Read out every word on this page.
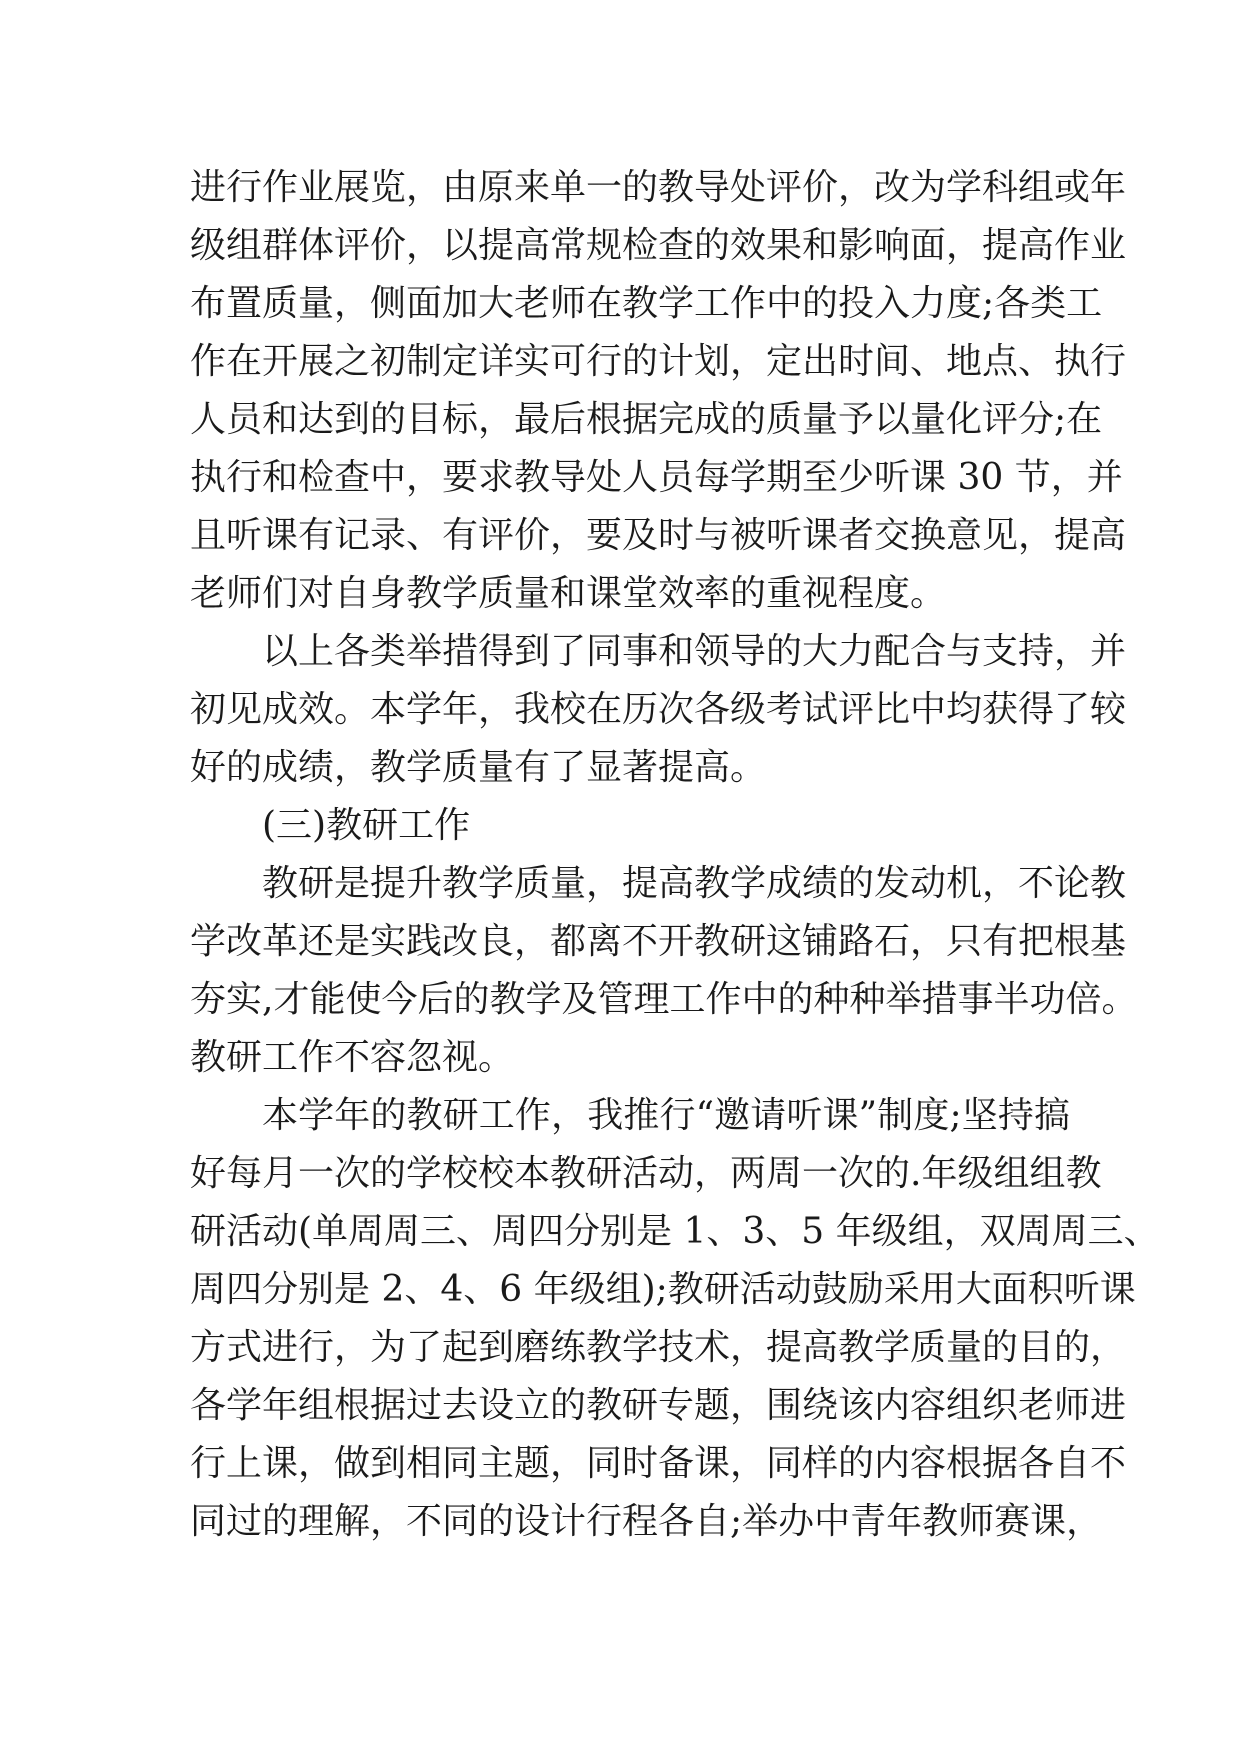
进行作业展览，由原来单一的教导处评价，改为学科组或年
级组群体评价，以提高常规检查的效果和影响面，提高作业
布置质量，侧面加大老师在教学工作中的投入力度;各类工
作在开展之初制定详实可行的计划，定出时间、地点、执行
人员和达到的目标，最后根据完成的质量予以量化评分;在
执行和检查中，要求教导处人员每学期至少听课 30 节，并
且听课有记录、有评价，要及时与被听课者交换意见，提高
老师们对自身教学质量和课堂效率的重视程度。
以上各类举措得到了同事和领导的大力配合与支持，并
初见成效。本学年，我校在历次各级考试评比中均获得了较
好的成绩，教学质量有了显著提高。
(三)教研工作
教研是提升教学质量，提高教学成绩的发动机，不论教
学改革还是实践改良，都离不开教研这铺路石，只有把根基
夯实,才能使今后的教学及管理工作中的种种举措事半功倍。
教研工作不容忽视。
本学年的教研工作，我推行“邀请听课”制度;坚持搞
好每月一次的学校校本教研活动，两周一次的.年级组组教
研活动(单周周三、周四分别是 1、3、5 年级组，双周周三、
周四分别是 2、4、6 年级组);教研活动鼓励采用大面积听课
方式进行，为了起到磨练教学技术，提高教学质量的目的，
各学年组根据过去设立的教研专题，围绕该内容组织老师进
行上课，做到相同主题，同时备课，同样的内容根据各自不
同过的理解，不同的设计行程各自;举办中青年教师赛课，
